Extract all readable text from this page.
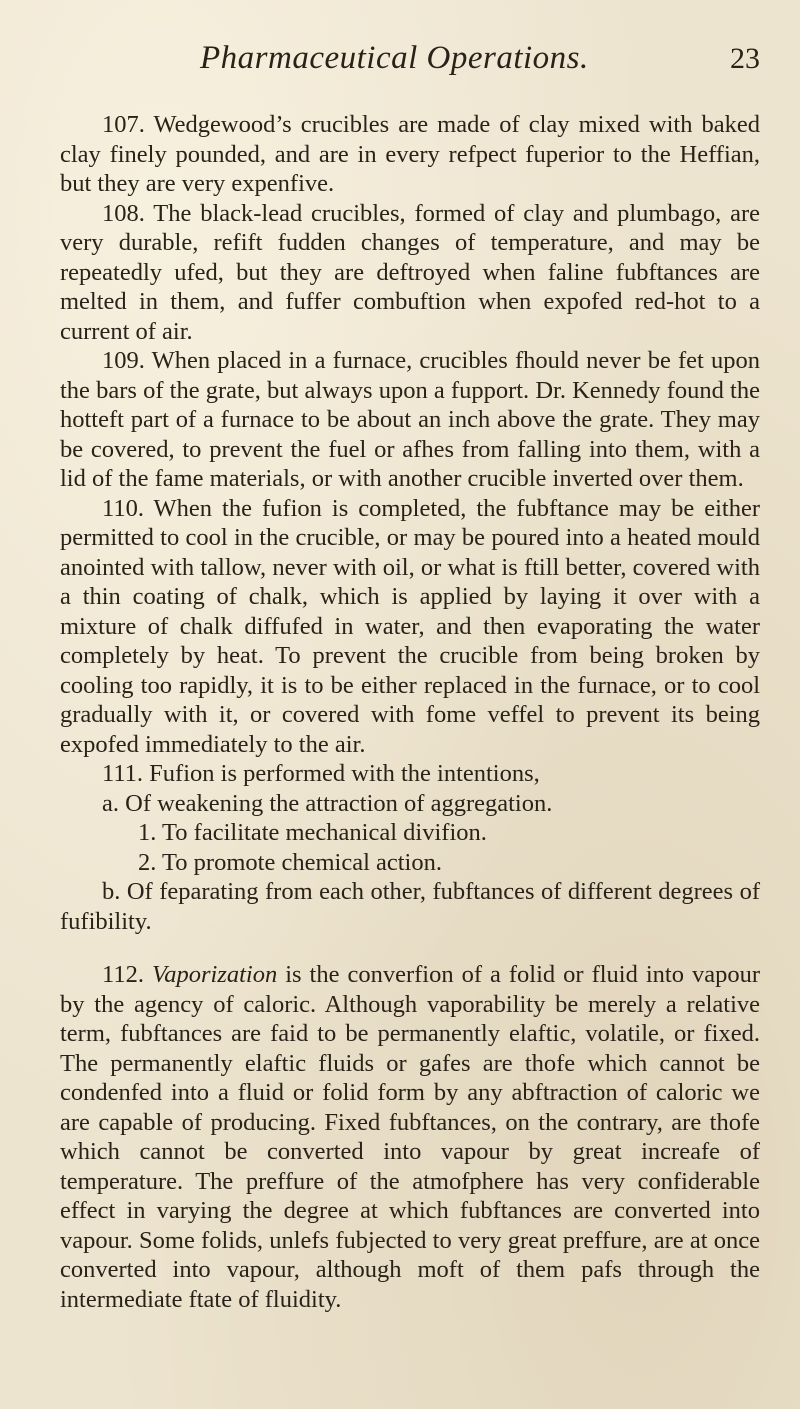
Pharmaceutical Operations.	23

107. Wedgewood’s crucibles are made of clay mixed with baked clay finely pounded, and are in every refpect fuperior to the Heffian, but they are very expenfive.

108. The black-lead crucibles, formed of clay and plumbago, are very durable, refift fudden changes of temperature, and may be repeatedly ufed, but they are deftroyed when faline fubftances are melted in them, and fuffer combuftion when expofed red-hot to a current of air.

109. When placed in a furnace, crucibles fhould never be fet upon the bars of the grate, but always upon a fupport. Dr. Kennedy found the hotteft part of a furnace to be about an inch above the grate. They may be covered, to prevent the fuel or afhes from falling into them, with a lid of the fame materials, or with another crucible inverted over them.

110. When the fufion is completed, the fubftance may be either permitted to cool in the crucible, or may be poured into a heated mould anointed with tallow, never with oil, or what is ftill better, covered with a thin coating of chalk, which is applied by laying it over with a mixture of chalk diffufed in water, and then evaporating the water completely by heat. To prevent the crucible from being broken by cooling too rapidly, it is to be either replaced in the furnace, or to cool gradually with it, or covered with fome veffel to prevent its being expofed immediately to the air.

111. Fufion is performed with the intentions,

a. Of weakening the attraction of aggregation.

1. To facilitate mechanical divifion.

2. To promote chemical action.

b. Of feparating from each other, fubftances of different degrees of fufibility.

112. Vaporization is the converfion of a folid or fluid into vapour by the agency of caloric. Although vaporability be merely a relative term, fubftances are faid to be permanently elaftic, volatile, or fixed. The permanently elaftic fluids or gafes are thofe which cannot be condenfed into a fluid or folid form by any abftraction of caloric we are capable of producing. Fixed fubftances, on the contrary, are thofe which cannot be converted into vapour by great increafe of temperature. The preffure of the atmofphere has very confiderable effect in varying the degree at which fubftances are converted into vapour. Some folids, unlefs fubjected to very great preffure, are at once converted into vapour, although moft of them pafs through the intermediate ftate of fluidity.
